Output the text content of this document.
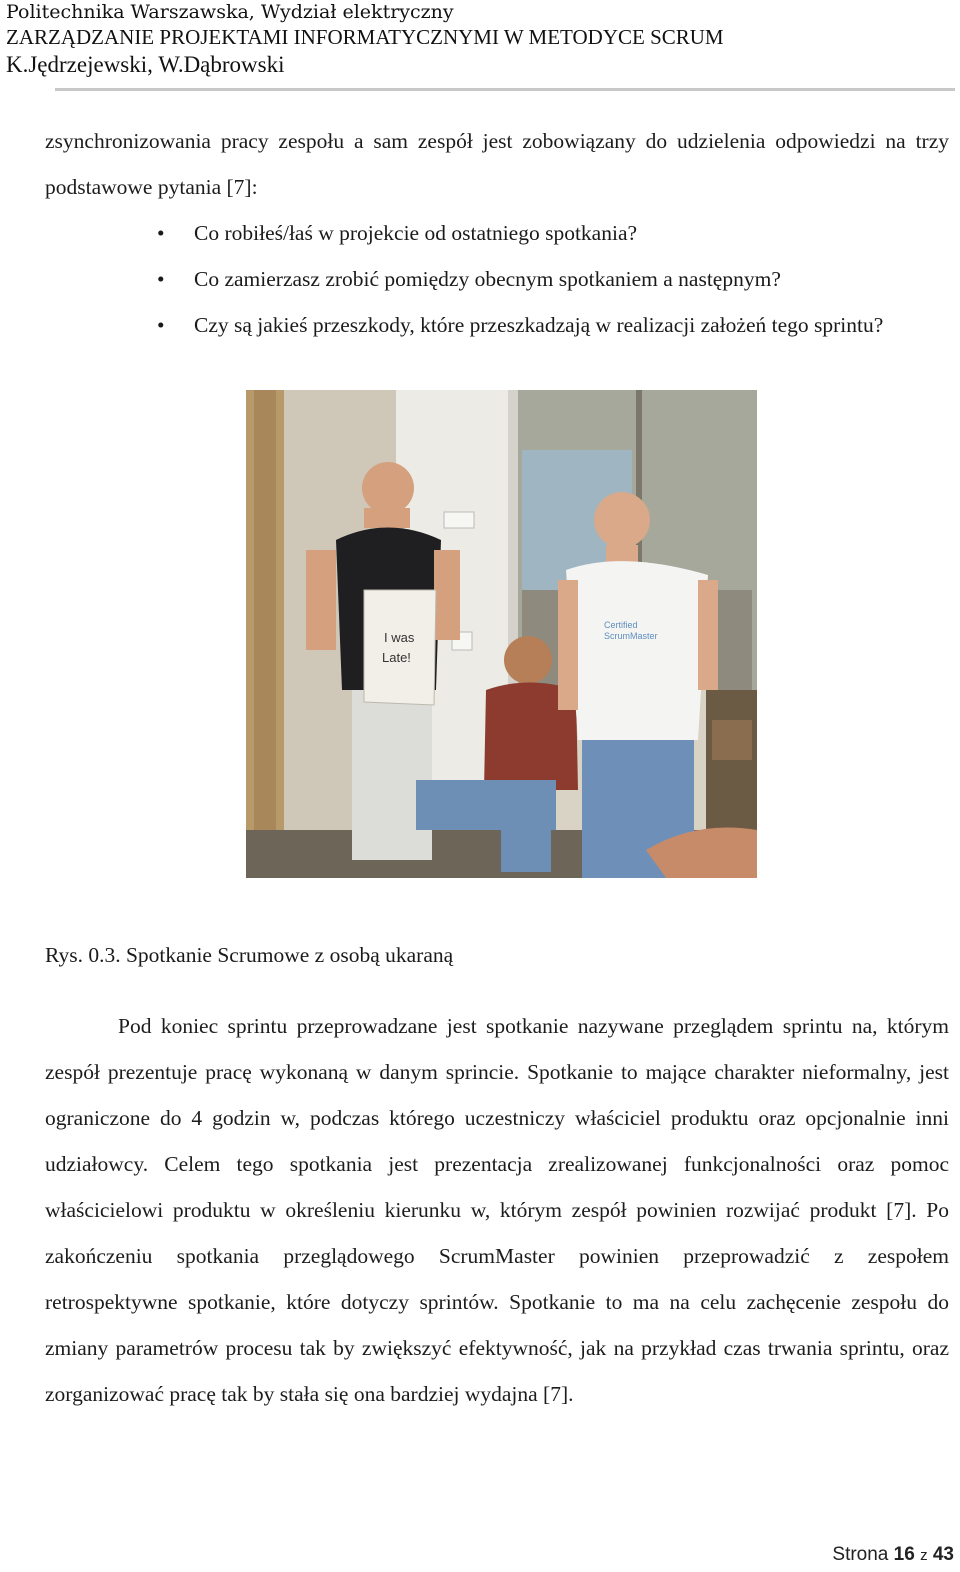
Politechnika Warszawska, Wydział elektryczny
ZARZĄDZANIE PROJEKTAMI INFORMATYCZNYMI W METODYCE SCRUM
K.Jędrzejewski, W.Dąbrowski

zsynchronizowania pracy zespołu a sam zespół jest zobowiązany do udzielenia odpowiedzi na trzy podstawowe pytania [7]:

• Co robiłeś/łaś w projekcie od ostatniego spotkania?
• Co zamierzasz zrobić pomiędzy obecnym spotkaniem a następnym?
• Czy są jakieś przeszkody, które przeszkadzają w realizacji założeń tego sprintu?
I was
Late!
Certified
ScrumMaster
Rys. 0.3. Spotkanie Scrumowe z osobą ukaraną

Pod koniec sprintu przeprowadzane jest spotkanie nazywane przeglądem sprintu na, którym zespół prezentuje pracę wykonaną w danym sprincie. Spotkanie to mające charakter nieformalny, jest ograniczone do 4 godzin w, podczas którego uczestniczy właściciel produktu oraz opcjonalnie inni udziałowcy. Celem tego spotkania jest prezentacja zrealizowanej funkcjonalności oraz pomoc właścicielowi produktu w określeniu kierunku w, którym zespół powinien rozwijać produkt [7]. Po zakończeniu spotkania przeglądowego ScrumMaster powinien przeprowadzić z zespołem retrospektywne spotkanie, które dotyczy sprintów. Spotkanie to ma na celu zachęcenie zespołu do zmiany parametrów procesu tak by zwiększyć efektywność, jak na przykład czas trwania sprintu, oraz zorganizować pracę tak by stała się ona bardziej wydajna [7].

Strona 16 z 43
